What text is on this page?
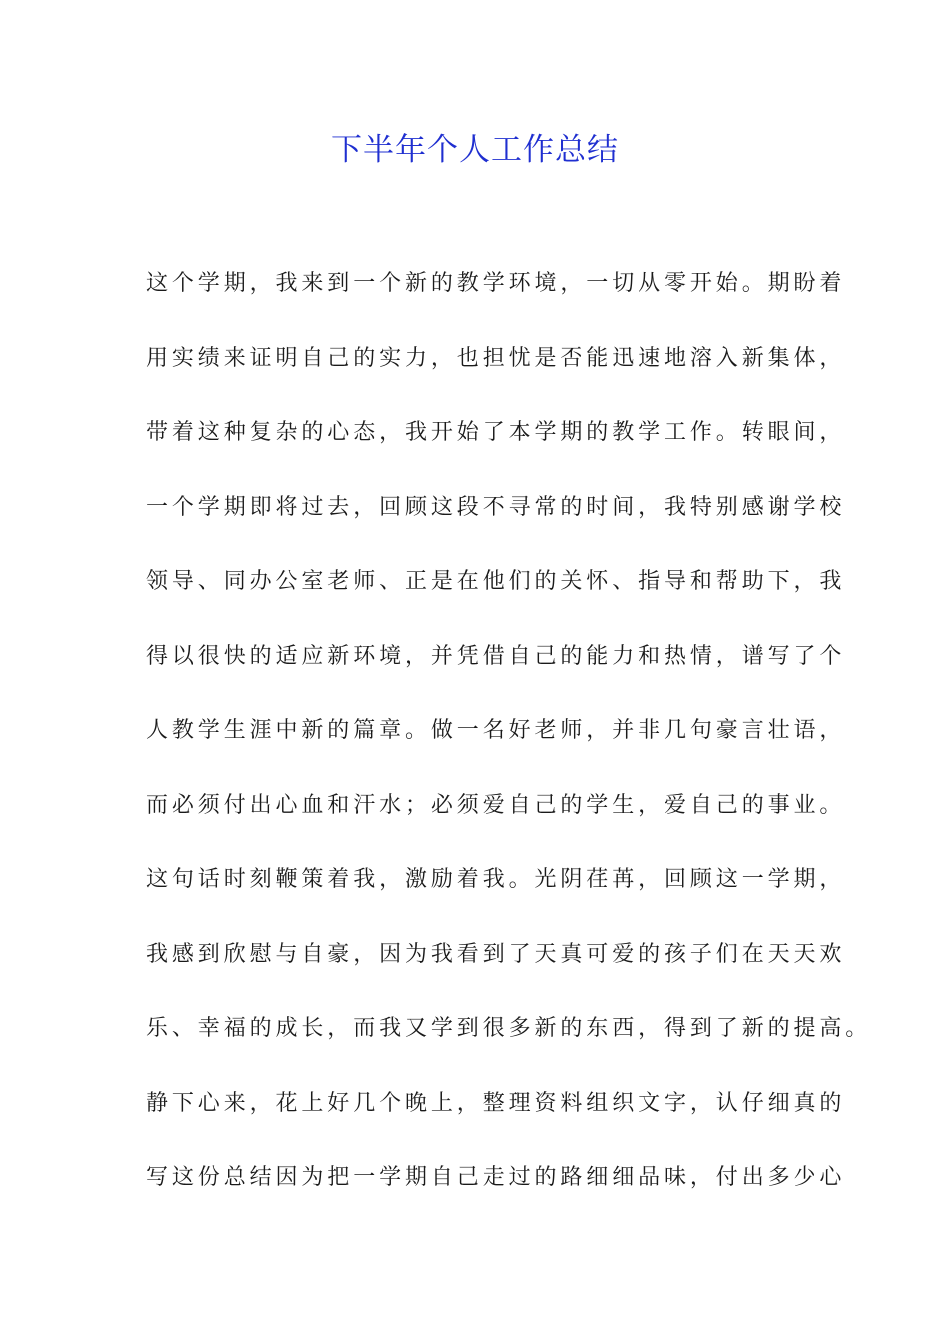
下半年个人工作总结
这个学期，我来到一个新的教学环境，一切从零开始。期盼着
用实绩来证明自己的实力，也担忧是否能迅速地溶入新集体，
带着这种复杂的心态，我开始了本学期的教学工作。转眼间，
一个学期即将过去，回顾这段不寻常的时间，我特别感谢学校
领导、同办公室老师、正是在他们的关怀、指导和帮助下，我
得以很快的适应新环境，并凭借自己的能力和热情，谱写了个
人教学生涯中新的篇章。做一名好老师，并非几句豪言壮语，
而必须付出心血和汗水；必须爱自己的学生，爱自己的事业。
这句话时刻鞭策着我，激励着我。光阴荏苒，回顾这一学期，
我感到欣慰与自豪，因为我看到了天真可爱的孩子们在天天欢
乐、幸福的成长，而我又学到很多新的东西，得到了新的提高。
静下心来，花上好几个晚上，整理资料组织文字，认仔细真的
写这份总结因为把一学期自己走过的路细细品味，付出多少心
